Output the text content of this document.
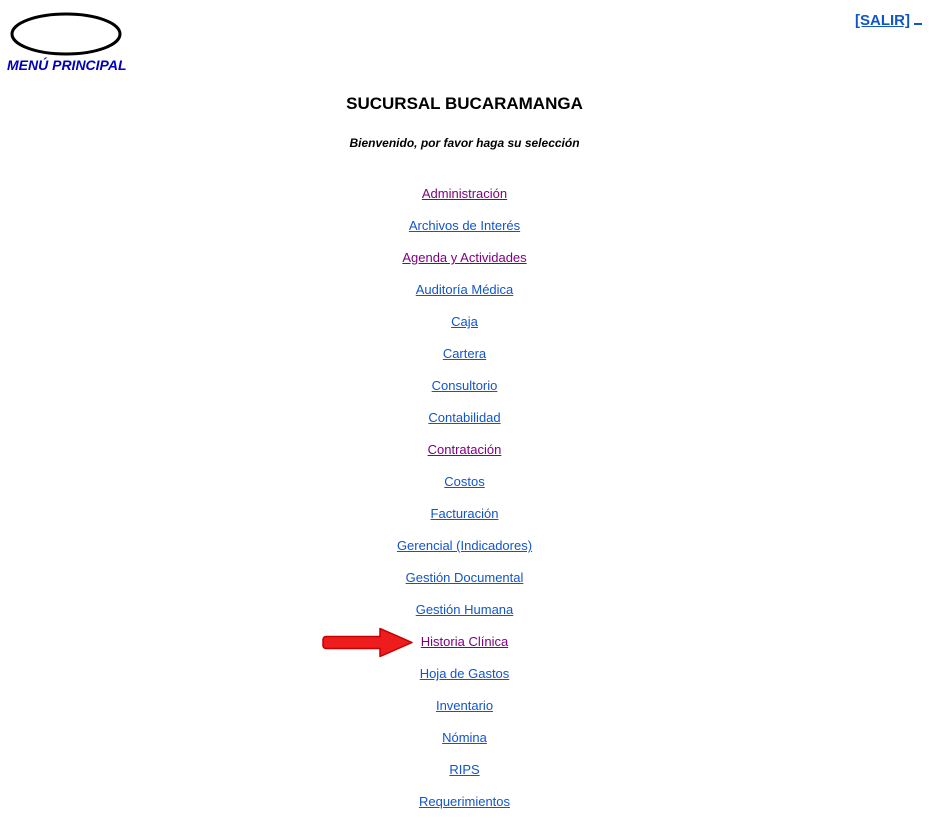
MENÚ PRINCIPAL
[SALIR]
SUCURSAL BUCARAMANGA

Bienvenido, por favor haga su selección

Administración
Archivos de Interés
Agenda y Actividades
Auditoría Médica
Caja
Cartera
Consultorio
Contabilidad
Contratación
Costos
Facturación
Gerencial (Indicadores)
Gestión Documental
Gestión Humana
Historia Clínica
Hoja de Gastos
Inventario
Nómina
RIPS
Requerimientos
